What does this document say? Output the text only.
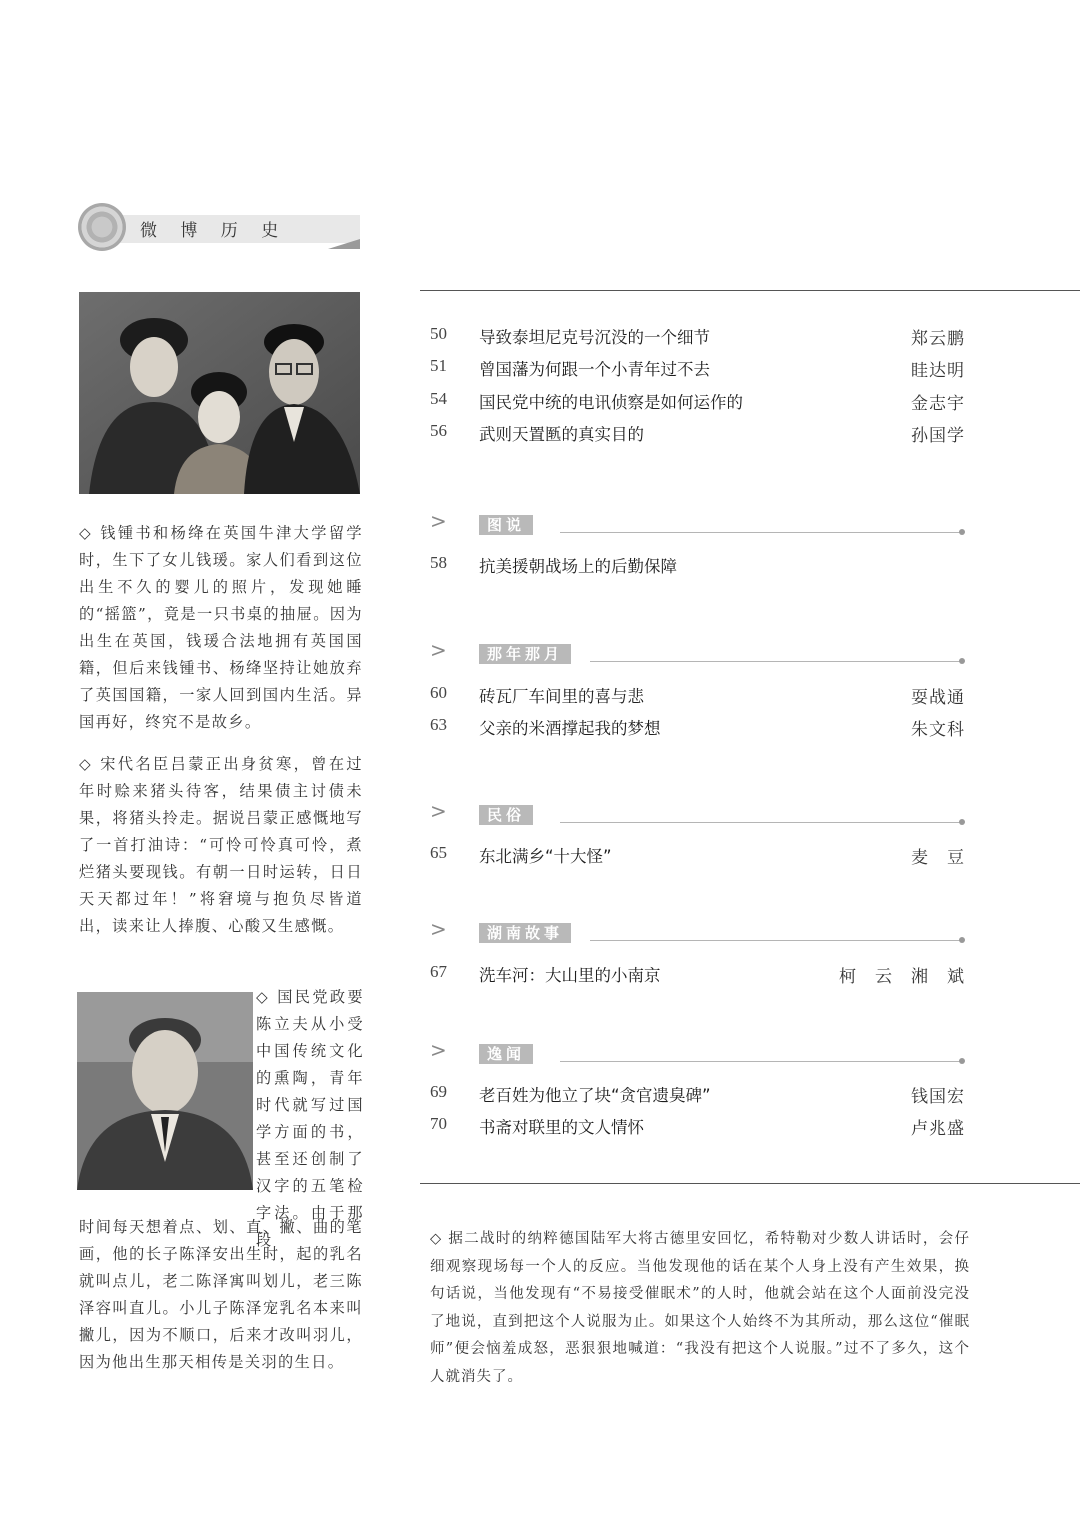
微 博 历 史
◇ 钱锺书和杨绛在英国牛津大学留学时，生下了女儿钱瑗。家人们看到这位出生不久的婴儿的照片，发现她睡的“摇篮”，竟是一只书桌的抽屉。因为出生在英国，钱瑗合法地拥有英国国籍，但后来钱锺书、杨绛坚持让她放弃了英国国籍，一家人回到国内生活。异国再好，终究不是故乡。
◇ 宋代名臣吕蒙正出身贫寒，曾在过年时赊来猪头待客，结果债主讨债未果，将猪头拎走。据说吕蒙正感慨地写了一首打油诗：“可怜可怜真可怜，煮烂猪头要现钱。有朝一日时运转，日日天天都过年！”将窘境与抱负尽皆道出，读来让人捧腹、心酸又生感慨。
◇ 国民党政要陈立夫从小受中国传统文化的熏陶，青年时代就写过国学方面的书，甚至还创制了汉字的五笔检字法。由于那段
时间每天想着点、划、直、撇、曲的笔画，他的长子陈泽安出生时，起的乳名就叫点儿，老二陈泽寓叫划儿，老三陈泽容叫直儿。小儿子陈泽宠乳名本来叫撇儿，因为不顺口，后来才改叫羽儿，因为他出生那天相传是关羽的生日。
50	导致泰坦尼克号沉没的一个细节	郑云鹏
51	曾国藩为何跟一个小青年过不去	眭达明
54	国民党中统的电讯侦察是如何运作的	金志宇
56	武则天置匦的真实目的	孙国学
>	图说
58	抗美援朝战场上的后勤保障
>	那年那月
60	砖瓦厂车间里的喜与悲	耍战通
63	父亲的米酒撑起我的梦想	朱文科
>	民俗
65	东北满乡“十大怪”	麦　豆
>	湖南故事
67	洗车河：大山里的小南京	柯　云　湘　斌
>	逸闻
69	老百姓为他立了块“贪官遗臭碑”	钱国宏
70	书斋对联里的文人情怀	卢兆盛
◇ 据二战时的纳粹德国陆军大将古德里安回忆，希特勒对少数人讲话时，会仔细观察现场每一个人的反应。当他发现他的话在某个人身上没有产生效果，换句话说，当他发现有“不易接受催眠术”的人时，他就会站在这个人面前没完没了地说，直到把这个人说服为止。如果这个人始终不为其所动，那么这位“催眠师”便会恼羞成怒，恶狠狠地喊道：“我没有把这个人说服。”过不了多久，这个人就消失了。
